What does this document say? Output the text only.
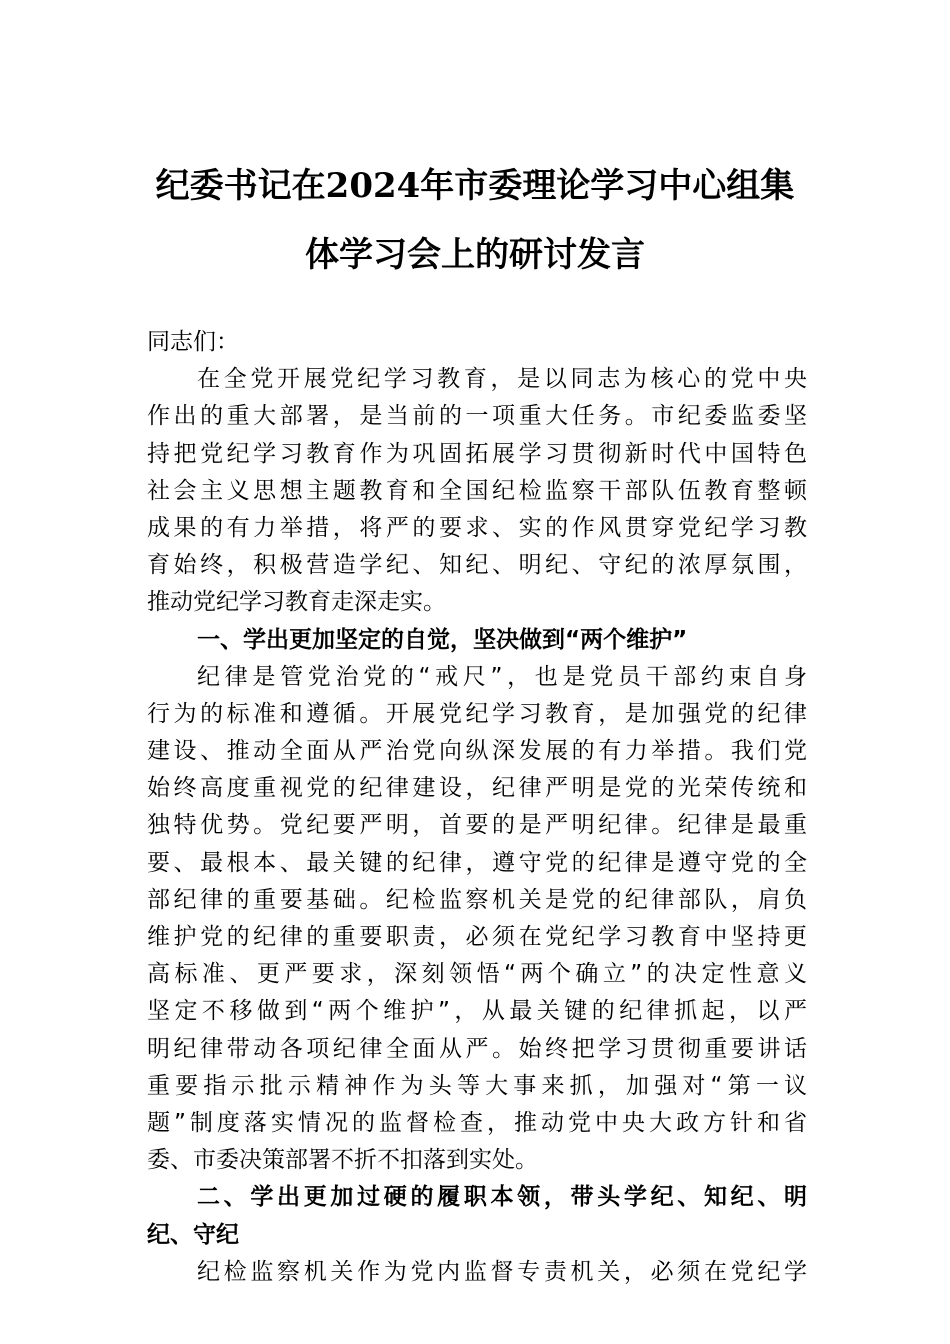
纪委书记在2024年市委理论学习中心组集
体学习会上的研讨发言
同志们：
在全党开展党纪学习教育，是以同志为核心的党中央
作出的重大部署，是当前的一项重大任务。市纪委监委坚
持把党纪学习教育作为巩固拓展学习贯彻新时代中国特色
社会主义思想主题教育和全国纪检监察干部队伍教育整顿
成果的有力举措，将严的要求、实的作风贯穿党纪学习教
育始终，积极营造学纪、知纪、明纪、守纪的浓厚氛围，
推动党纪学习教育走深走实。
一、学出更加坚定的自觉，坚决做到“两个维护”
纪律是管党治党的“戒尺”，也是党员干部约束自身
行为的标准和遵循。开展党纪学习教育，是加强党的纪律
建设、推动全面从严治党向纵深发展的有力举措。我们党
始终高度重视党的纪律建设，纪律严明是党的光荣传统和
独特优势。党纪要严明，首要的是严明纪律。纪律是最重
要、最根本、最关键的纪律，遵守党的纪律是遵守党的全
部纪律的重要基础。纪检监察机关是党的纪律部队，肩负
维护党的纪律的重要职责，必须在党纪学习教育中坚持更
高标准、更严要求，深刻领悟“两个确立”的决定性意义
坚定不移做到“两个维护”，从最关键的纪律抓起，以严
明纪律带动各项纪律全面从严。始终把学习贯彻重要讲话
重要指示批示精神作为头等大事来抓，加强对“第一议
题”制度落实情况的监督检查，推动党中央大政方针和省
委、市委决策部署不折不扣落到实处。
二、学出更加过硬的履职本领，带头学纪、知纪、明
纪、守纪
纪检监察机关作为党内监督专责机关，必须在党纪学
